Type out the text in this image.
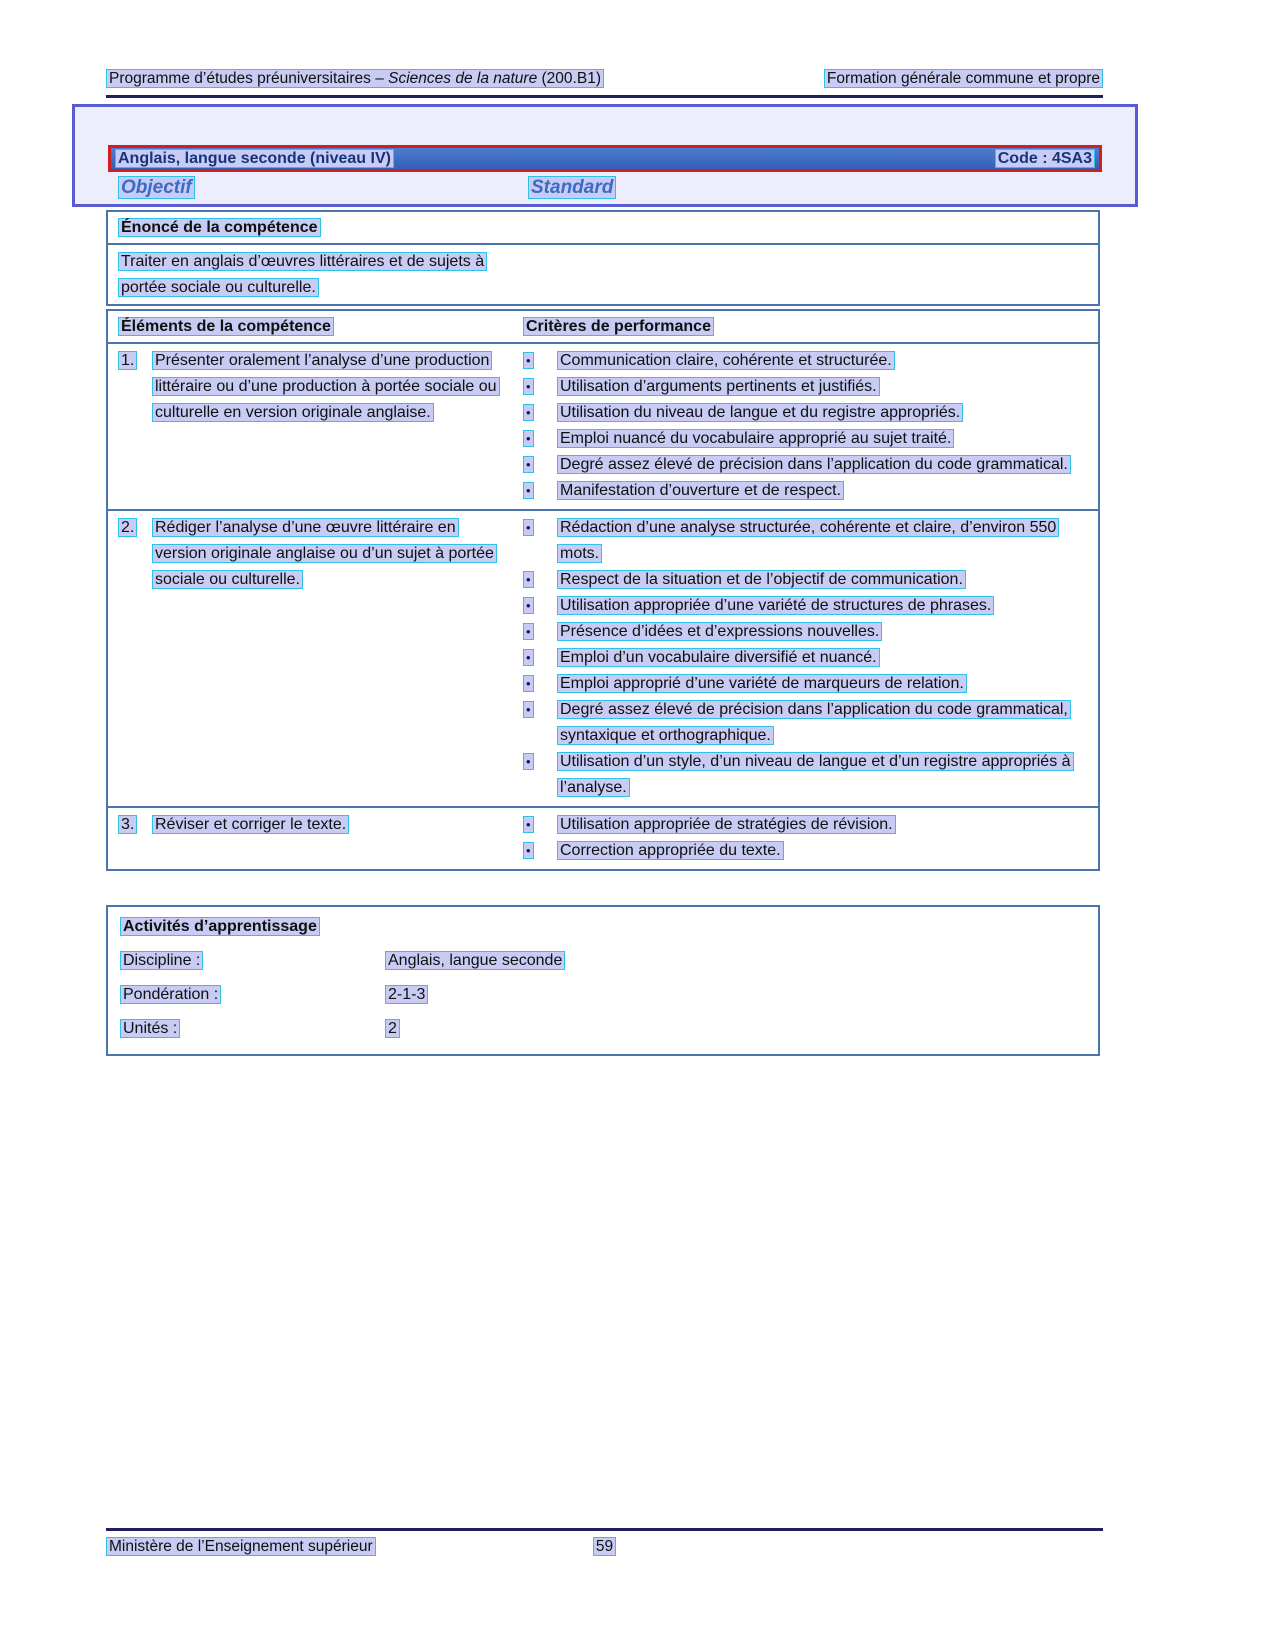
Programme d’études préuniversitaires – Sciences de la nature (200.B1)	Formation générale commune et propre
Anglais, langue seconde (niveau IV)	Code : 4SA3
Objectif	Standard
Énoncé de la compétence
Traiter en anglais d’œuvres littéraires et de sujets à portée sociale ou culturelle.
Éléments de la compétence	Critères de performance
1.	Présenter oralement l’analyse d’une production littéraire ou d’une production à portée sociale ou culturelle en version originale anglaise.
•	Communication claire, cohérente et structurée.
•	Utilisation d’arguments pertinents et justifiés.
•	Utilisation du niveau de langue et du registre appropriés.
•	Emploi nuancé du vocabulaire approprié au sujet traité.
•	Degré assez élevé de précision dans l’application du code grammatical.
•	Manifestation d’ouverture et de respect.
2.	Rédiger l’analyse d’une œuvre littéraire en version originale anglaise ou d’un sujet à portée sociale ou culturelle.
•	Rédaction d’une analyse structurée, cohérente et claire, d’environ 550 mots.
•	Respect de la situation et de l’objectif de communication.
•	Utilisation appropriée d’une variété de structures de phrases.
•	Présence d’idées et d’expressions nouvelles.
•	Emploi d’un vocabulaire diversifié et nuancé.
•	Emploi approprié d’une variété de marqueurs de relation.
•	Degré assez élevé de précision dans l’application du code grammatical, syntaxique et orthographique.
•	Utilisation d’un style, d’un niveau de langue et d’un registre appropriés à l’analyse.
3.	Réviser et corriger le texte.	•	Utilisation appropriée de stratégies de révision.
•	Correction appropriée du texte.
Activités d’apprentissage
Discipline :	Anglais, langue seconde
Pondération :	2-1-3
Unités :	2
Ministère de l’Enseignement supérieur	59
